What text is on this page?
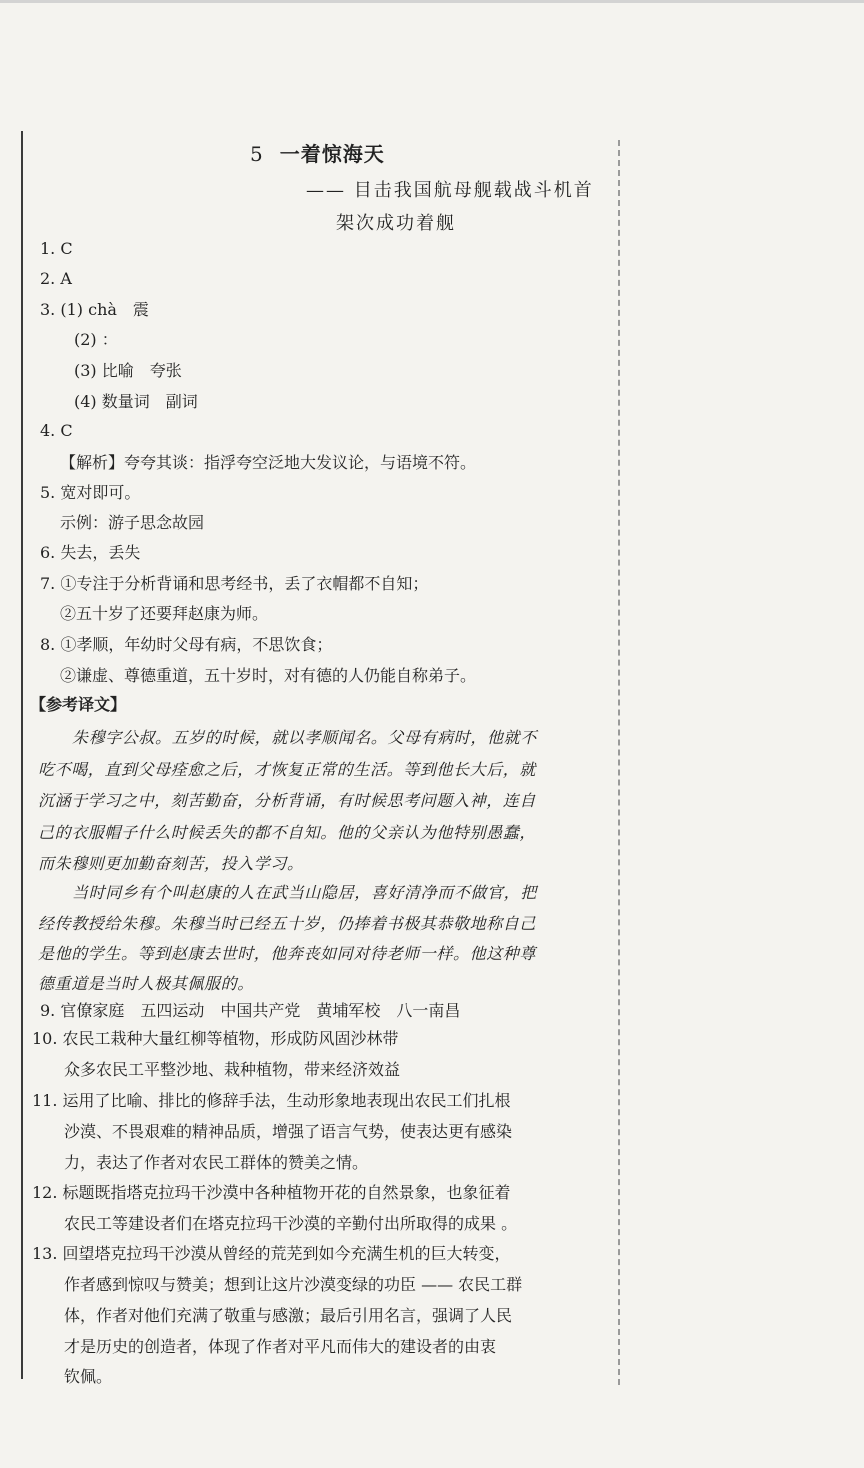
5 一着惊海天
—— 目击我国航母舰载战斗机首
架次成功着舰
1. C
2. A
3. (1) chà　震
(2) ：
(3) 比喻　夸张
(4) 数量词　副词
4. C
【解析】夸夸其谈：指浮夸空泛地大发议论，与语境不符。
5. 宽对即可。
示例：游子思念故园
6. 失去，丢失
7. ①专注于分析背诵和思考经书，丢了衣帽都不自知；
②五十岁了还要拜赵康为师。
8. ①孝顺，年幼时父母有病，不思饮食；
②谦虚、尊德重道，五十岁时，对有德的人仍能自称弟子。
【参考译文】
朱穆字公叔。五岁的时候，就以孝顺闻名。父母有病时，他就不
吃不喝，直到父母痊愈之后，才恢复正常的生活。等到他长大后，就
沉涵于学习之中，刻苦勤奋，分析背诵，有时候思考问题入神，连自
己的衣服帽子什么时候丢失的都不自知。他的父亲认为他特别愚蠢，
而朱穆则更加勤奋刻苦，投入学习。
当时同乡有个叫赵康的人在武当山隐居，喜好清净而不做官，把
经传教授给朱穆。朱穆当时已经五十岁，仍捧着书极其恭敬地称自己
是他的学生。等到赵康去世时，他奔丧如同对待老师一样。他这种尊
德重道是当时人极其佩服的。
9. 官僚家庭　五四运动　中国共产党　黄埔军校　八一南昌
10. 农民工栽种大量红柳等植物，形成防风固沙林带
众多农民工平整沙地、栽种植物，带来经济效益
11. 运用了比喻、排比的修辞手法，生动形象地表现出农民工们扎根
沙漠、不畏艰难的精神品质，增强了语言气势，使表达更有感染
力，表达了作者对农民工群体的赞美之情。
12. 标题既指塔克拉玛干沙漠中各种植物开花的自然景象，也象征着
农民工等建设者们在塔克拉玛干沙漠的辛勤付出所取得的成果 。
13. 回望塔克拉玛干沙漠从曾经的荒芜到如今充满生机的巨大转变，
作者感到惊叹与赞美；想到让这片沙漠变绿的功臣 —— 农民工群
体，作者对他们充满了敬重与感激；最后引用名言，强调了人民
才是历史的创造者，体现了作者对平凡而伟大的建设者的由衷
钦佩。
